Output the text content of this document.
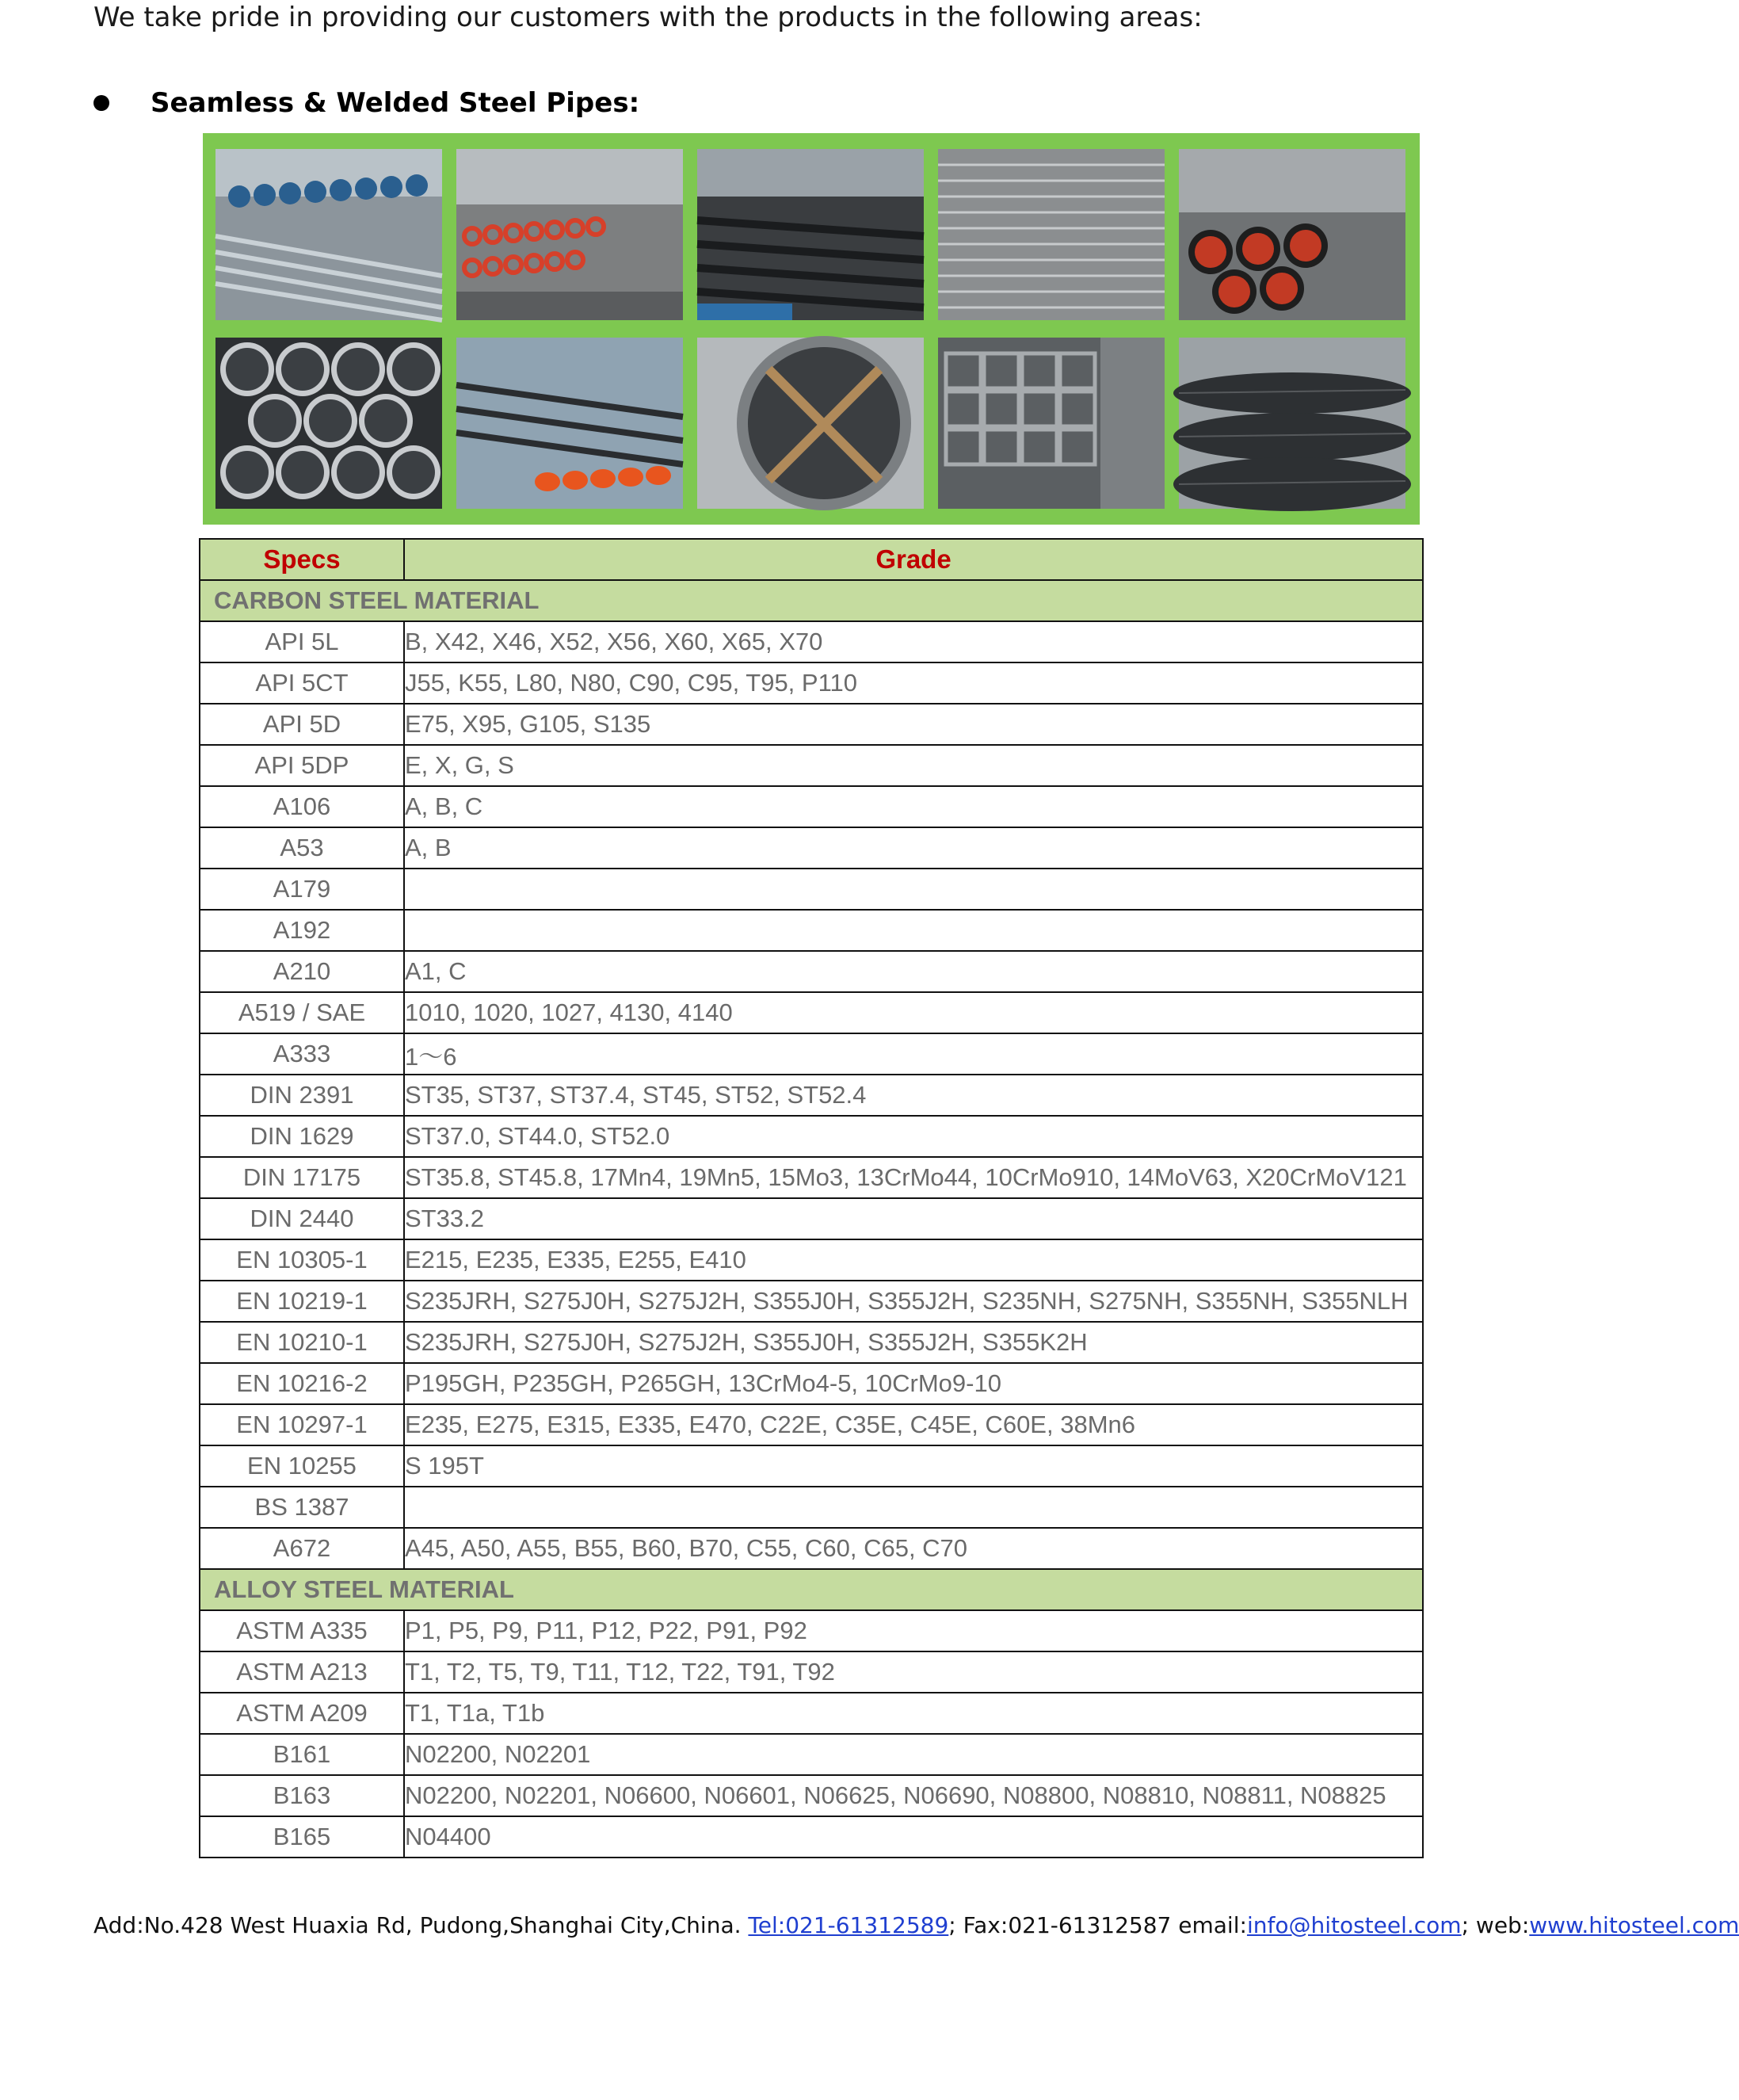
We take pride in providing our customers with the products in the following areas:
Seamless & Welded Steel Pipes:
Specs	Grade
CARBON STEEL MATERIAL	
API 5L	B, X42, X46, X52, X56, X60, X65, X70
API 5CT	J55, K55, L80, N80, C90, C95, T95, P110
API 5D	E75, X95, G105, S135
API 5DP	E, X, G, S
A106	A, B, C
A53	A, B
A179	
A192	
A210	A1, C
A519 / SAE	1010, 1020, 1027, 4130, 4140
A333	1～6
DIN 2391	ST35, ST37, ST37.4, ST45, ST52, ST52.4
DIN 1629	ST37.0, ST44.0, ST52.0
DIN 17175	ST35.8, ST45.8, 17Mn4, 19Mn5, 15Mo3, 13CrMo44, 10CrMo910, 14MoV63, X20CrMoV121
DIN 2440	ST33.2
EN 10305-1	E215, E235, E335, E255, E410
EN 10219-1	S235JRH, S275J0H, S275J2H, S355J0H, S355J2H, S235NH, S275NH, S355NH, S355NLH
EN 10210-1	S235JRH, S275J0H, S275J2H, S355J0H, S355J2H, S355K2H
EN 10216-2	P195GH, P235GH, P265GH, 13CrMo4-5, 10CrMo9-10
EN 10297-1	E235, E275, E315, E335, E470, C22E, C35E, C45E, C60E, 38Mn6
EN 10255	S 195T
BS 1387	
A672	A45, A50, A55, B55, B60, B70, C55, C60, C65, C70
ALLOY STEEL MATERIAL	
ASTM A335	P1, P5, P9, P11, P12, P22, P91, P92
ASTM A213	T1, T2, T5, T9, T11, T12, T22, T91, T92
ASTM A209	T1, T1a, T1b
B161	N02200, N02201
B163	N02200, N02201, N06600, N06601, N06625, N06690, N08800, N08810, N08811, N08825
B165	N04400
Add:No.428 West Huaxia Rd, Pudong,Shanghai City,China. Tel:021-61312589; Fax:021-61312587 email:info@hitosteel.com; web:www.hitosteel.com
